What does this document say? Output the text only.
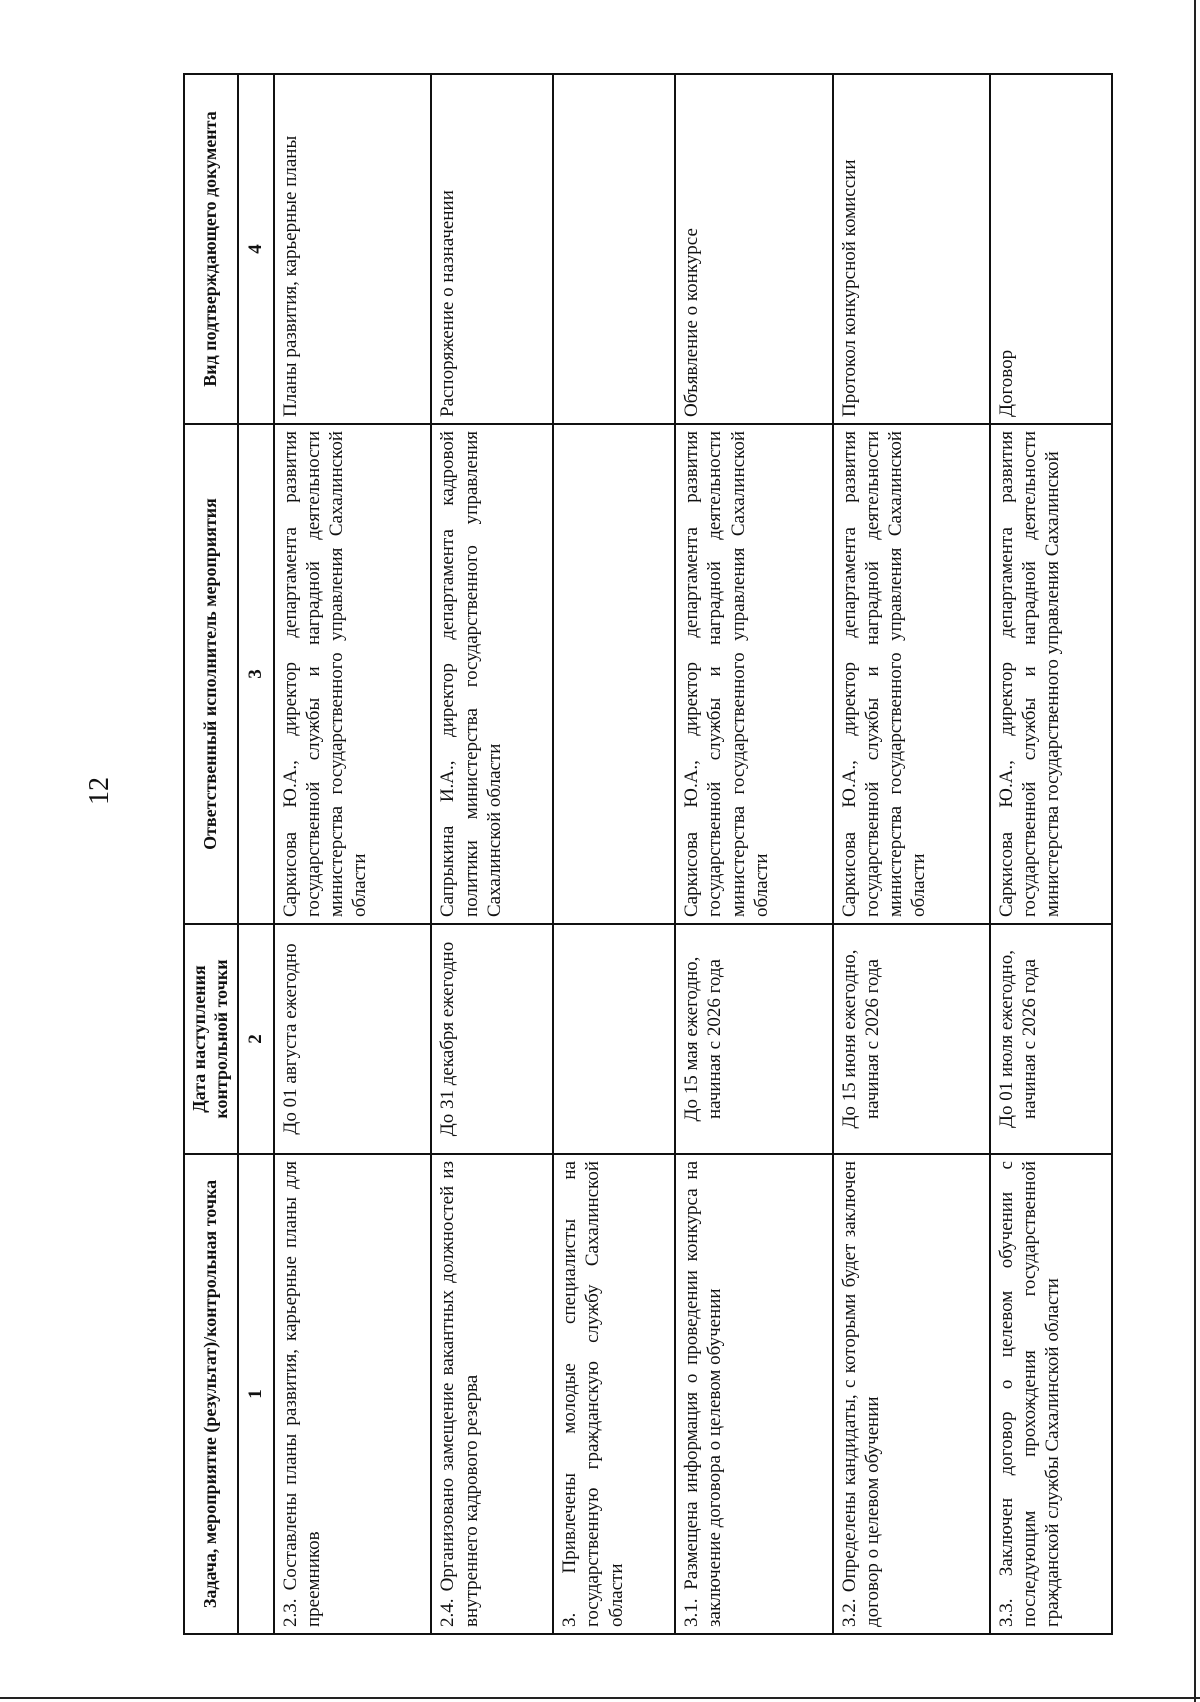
12
Задача, мероприятие (результат)/контрольная точка	Дата наступления контрольной точки	Ответственный исполнитель мероприятия	Вид подтверждающего документа
1	2	3	4
2.3. Составлены планы развития, карьерные планы для преемников	До 01 августа ежегодно	Саркисова Ю.А., директор департамента развития государственной службы и наградной деятельности министерства государственного управления Сахалинской области	Планы развития, карьерные планы
2.4. Организовано замещение вакантных должностей из внутреннего кадрового резерва	До 31 декабря ежегодно	Сапрыкина И.А., директор департамента кадровой политики министерства государственного управления Сахалинской области	Распоряжение о назначении
3. Привлечены молодые специалисты на государственную гражданскую службу Сахалинской области			
3.1. Размещена информация о проведении конкурса на заключение договора о целевом обучении	До 15 мая ежегодно, начиная с 2026 года	Саркисова Ю.А., директор департамента развития государственной службы и наградной деятельности министерства государственного управления Сахалинской области	Объявление о конкурсе
3.2. Определены кандидаты, с которыми будет заключен договор о целевом обучении	До 15 июня ежегодно, начиная с 2026 года	Саркисова Ю.А., директор департамента развития государственной службы и наградной деятельности министерства государственного управления Сахалинской области	Протокол конкурсной комиссии
3.3. Заключен договор о целевом обучении с последующим прохождения государственной гражданской службы Сахалинской области	До 01 июля ежегодно, начиная с 2026 года	Саркисова Ю.А., директор департамента развития государственной службы и наградной деятельности министерства государственного управления Сахалинской	Договор
